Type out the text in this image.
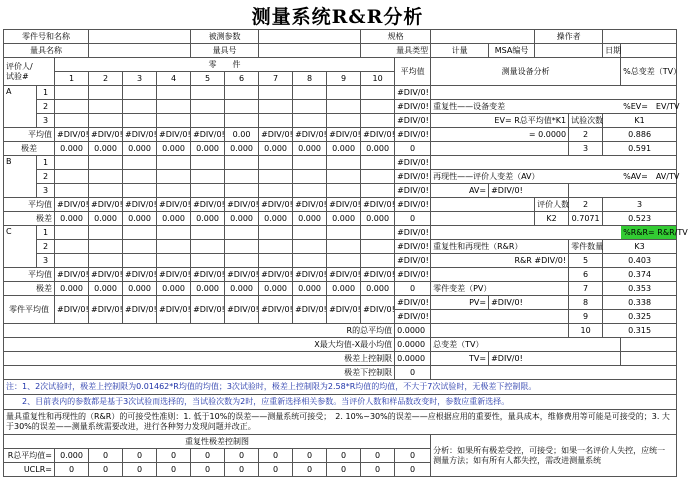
测量系统R&R分析
零件号和名称						被测参数					规格				操作者				
量具名称						量具号					量具类型		计量	MSA编号			日期		
评价人/
试验#		零　　件										平均值	测量设备分析					%总变差（TV）	
		1	2	3	4	5	6	7	8	9	10								
A	1											#DIV/0!							
	2											#DIV/0!	重复性——设备变差					%EV=　EV/TV	
	3											#DIV/0!	EV= R总平均值*K1			试验次数	K1	
平均值		#DIV/0!	#DIV/0!	#DIV/0!	#DIV/0!	#DIV/0!	0.00	#DIV/0!	#DIV/0!	#DIV/0!	#DIV/0!	#DIV/0!	= 0.0000			2	0.886		
极差		0.000	0.000	0.000	0.000	0.000	0.000	0.000	0.000	0.000	0.000	0				3	0.591		
B	1											#DIV/0!							
	2											#DIV/0!	再现性——评价人变差（AV）					%AV=　AV/TV	
	3											#DIV/0!	AV=	#DIV/0!		
平均值		#DIV/0!	#DIV/0!	#DIV/0!	#DIV/0!	#DIV/0!	#DIV/0!	#DIV/0!	#DIV/0!	#DIV/0!	#DIV/0!	#DIV/0!			评价人数	2	3		
极差		0.000	0.000	0.000	0.000	0.000	0.000	0.000	0.000	0.000	0.000	0			K2	0.7071	0.523		
C	1											#DIV/0!						%R&R= R&R/TV	
	2											#DIV/0!	重复性和再现性（R&R）			零件数量	K3	
	3											#DIV/0!	R&R #DIV/0!			5	0.403		
平均值		#DIV/0!	#DIV/0!	#DIV/0!	#DIV/0!	#DIV/0!	#DIV/0!	#DIV/0!	#DIV/0!	#DIV/0!	#DIV/0!	#DIV/0!				6	0.374		
极差		0.000	0.000	0.000	0.000	0.000	0.000	0.000	0.000	0.000	0.000	0	零件变差（PV）			7	0.353		
零件平均值		#DIV/0!	#DIV/0!	#DIV/0!	#DIV/0!	#DIV/0!	#DIV/0!	#DIV/0!	#DIV/0!	#DIV/0!	#DIV/0!	#DIV/0!	PV=	#DIV/0!		8	0.338	
												#DIV/0!				9	0.325	
R的总平均值												0.0000				10	0.315		
X最大均值-X最小均值												0.0000	总变差（TV）						
极差上控制限												0.0000	TV=	#DIV/0!					
极差下控制限												0							
注：1、2次试验时，极差上控制限为0.01462*R均值的均值；3次试验时，极差上控制限为2.58*R均值的均值，不大于7次试验时，无极差下控制限。																			
　　2、目前表内的参数都是基于3次试验而选择的，当试验次数为2时，应重新选择相关参数。当评价人数和样品数改变时，参数应重新选择。																			
量具重复性和再现性的（R&R）的可接受性准则：1. 低于10%的误差——测量系统可接受；　2. 10%~30%的误差——应根据应用的重要性，量具成本，维修费用等可能是可接受的；3. 大于30%的误差——测量系统需要改进，进行各种努力发现问题并改正。																			
重复性极差控制图													分析：如果所有极差受控，可接受；如果一名评价人失控，应统一
测量方法；如有所有人都失控，需改进测量系统						
R总平均值=		0.000	0	0	0	0	0	0	0	0	0	0							
UCLR=		0	0	0	0	0	0	0	0	0	0	0							
